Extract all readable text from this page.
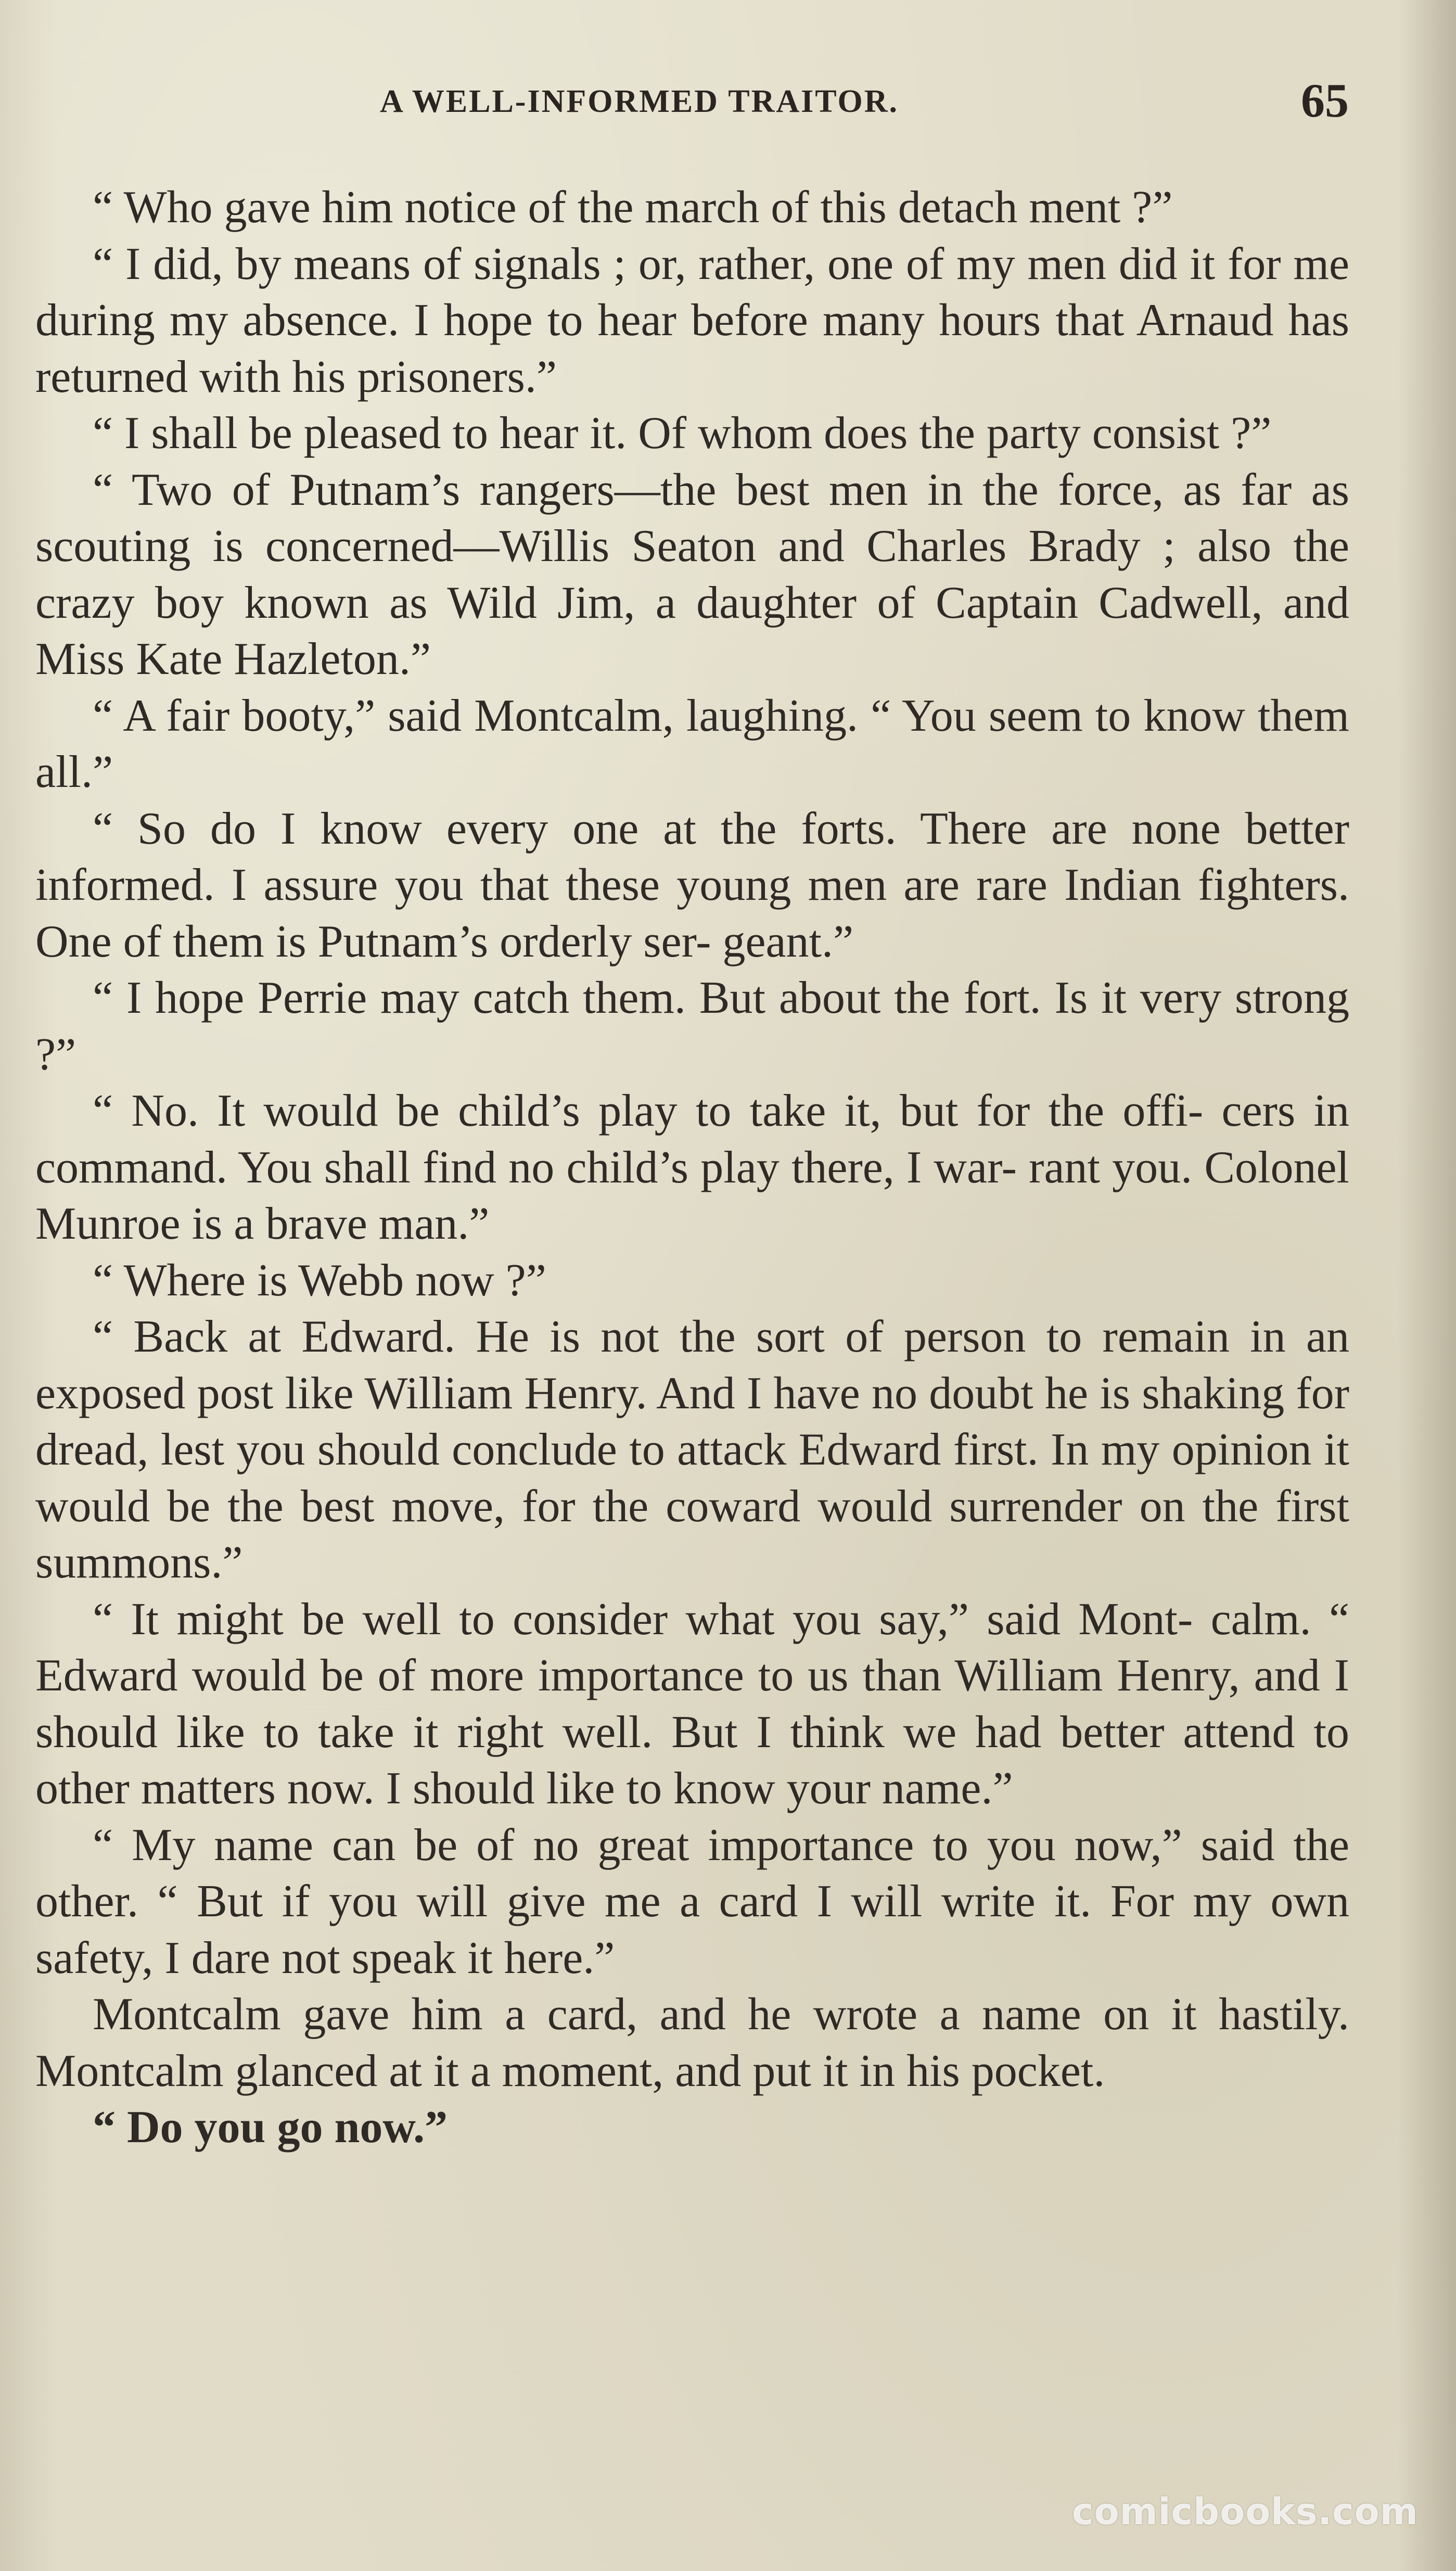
A WELL-INFORMED TRAITOR.	65

“ Who gave him notice of the march of this detach ment ?”

“ I did, by means of signals ; or, rather, one of my men did it for me during my absence. I hope to hear before many hours that Arnaud has returned with his prisoners.”

“ I shall be pleased to hear it. Of whom does the party consist ?”

“ Two of Putnam’s rangers—the best men in the force, as far as scouting is concerned—Willis Seaton and Charles Brady ; also the crazy boy known as Wild Jim, a daughter of Captain Cadwell, and Miss Kate Hazleton.”

“ A fair booty,” said Montcalm, laughing. “ You seem to know them all.”

“ So do I know every one at the forts. There are none better informed. I assure you that these young men are rare Indian fighters. One of them is Putnam’s orderly ser- geant.”

“ I hope Perrie may catch them. But about the fort. Is it very strong ?”

“ No. It would be child’s play to take it, but for the offi- cers in command. You shall find no child’s play there, I war- rant you. Colonel Munroe is a brave man.”

“ Where is Webb now ?”

“ Back at Edward. He is not the sort of person to remain in an exposed post like William Henry. And I have no doubt he is shaking for dread, lest you should conclude to attack Edward first. In my opinion it would be the best move, for the coward would surrender on the first summons.”

“ It might be well to consider what you say,” said Mont- calm. “ Edward would be of more importance to us than William Henry, and I should like to take it right well. But I think we had better attend to other matters now. I should like to know your name.”

“ My name can be of no great importance to you now,” said the other. “ But if you will give me a card I will write it. For my own safety, I dare not speak it here.”

Montcalm gave him a card, and he wrote a name on it hastily. Montcalm glanced at it a moment, and put it in his pocket.

“ Do you go now.”

comicbooks.com
